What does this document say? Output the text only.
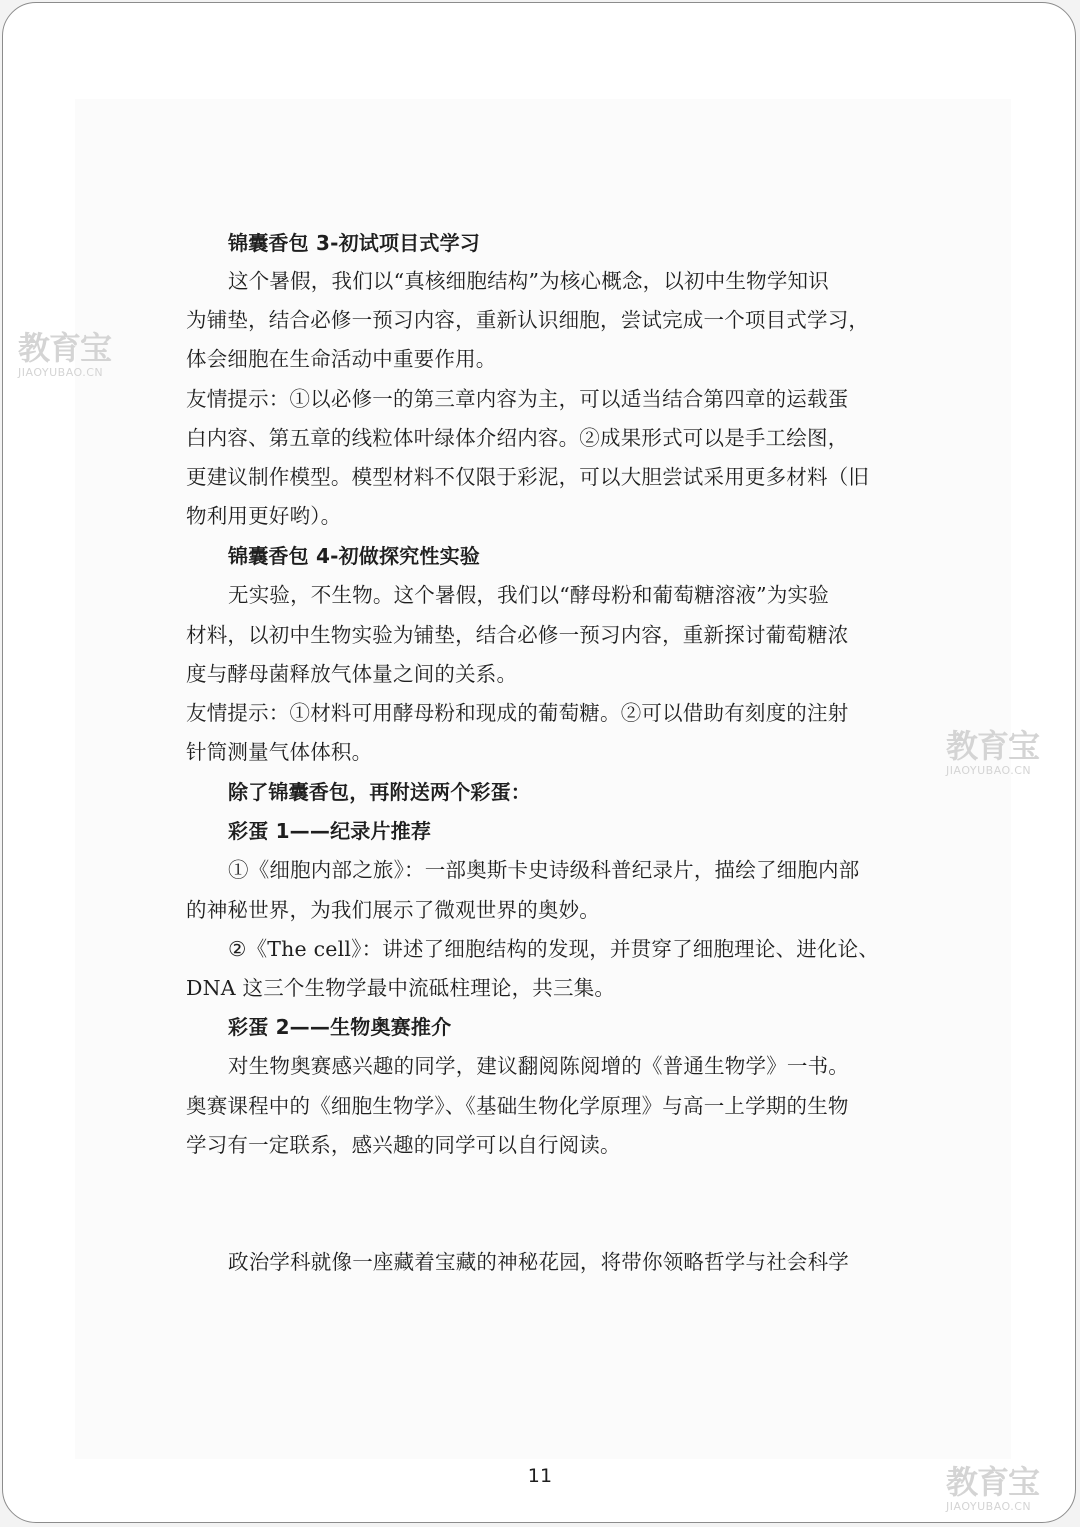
锦囊香包 3-初试项目式学习
这个暑假，我们以“真核细胞结构”为核心概念，以初中生物学知识
为铺垫，结合必修一预习内容，重新认识细胞，尝试完成一个项目式学习，
体会细胞在生命活动中重要作用。
友情提示：①以必修一的第三章内容为主，可以适当结合第四章的运载蛋
白内容、第五章的线粒体叶绿体介绍内容。②成果形式可以是手工绘图，
更建议制作模型。模型材料不仅限于彩泥，可以大胆尝试采用更多材料（旧
物利用更好哟）。
锦囊香包 4-初做探究性实验
无实验，不生物。这个暑假，我们以“酵母粉和葡萄糖溶液”为实验
材料，以初中生物实验为铺垫，结合必修一预习内容，重新探讨葡萄糖浓
度与酵母菌释放气体量之间的关系。
友情提示：①材料可用酵母粉和现成的葡萄糖。②可以借助有刻度的注射
针筒测量气体体积。
除了锦囊香包，再附送两个彩蛋：
彩蛋 1——纪录片推荐
①《细胞内部之旅》：一部奥斯卡史诗级科普纪录片，描绘了细胞内部
的神秘世界，为我们展示了微观世界的奥妙。
②《The cell》：讲述了细胞结构的发现，并贯穿了细胞理论、进化论、
DNA 这三个生物学最中流砥柱理论，共三集。
彩蛋 2——生物奥赛推介
对生物奥赛感兴趣的同学，建议翻阅陈阅增的《普通生物学》一书。
奥赛课程中的《细胞生物学》、《基础生物化学原理》与高一上学期的生物
学习有一定联系，感兴趣的同学可以自行阅读。
政治学科就像一座藏着宝藏的神秘花园，将带你领略哲学与社会科学
11
教育宝
JIAOYUBAO.CN
教育宝
JIAOYUBAO.CN
教育宝
JIAOYUBAO.CN
